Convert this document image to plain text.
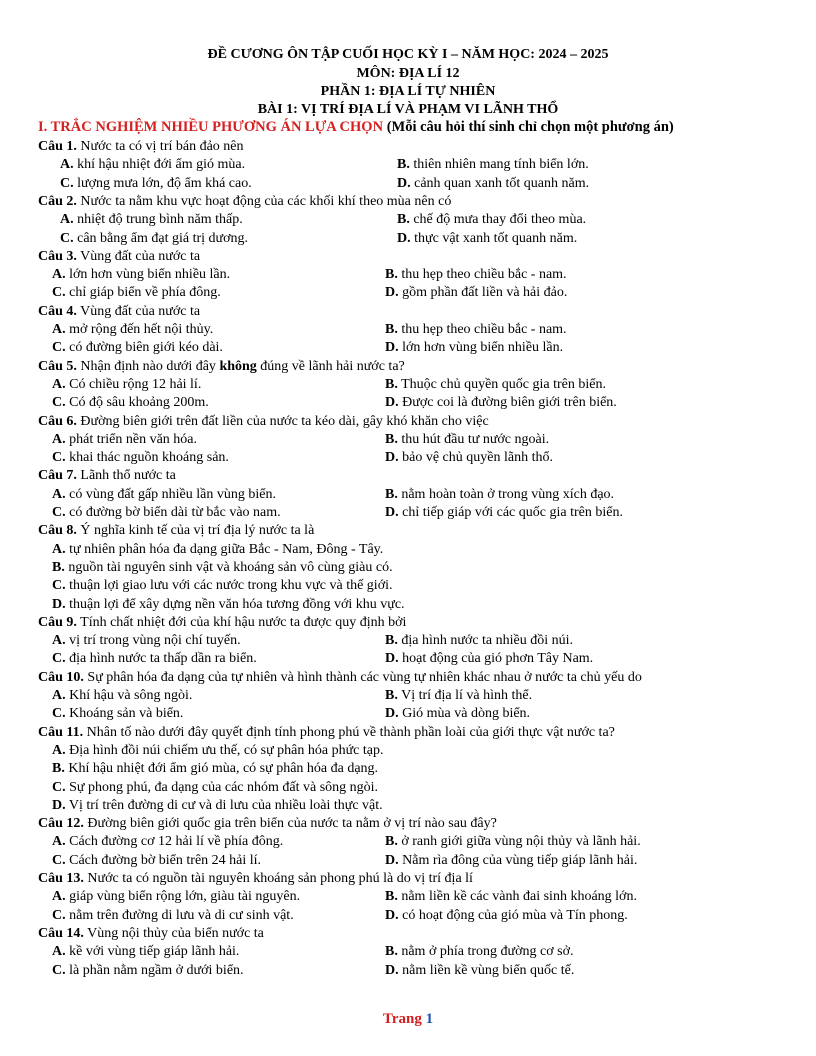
ĐỀ CƯƠNG ÔN TẬP CUỐI HỌC KỲ I – NĂM HỌC: 2024 – 2025
MÔN: ĐỊA LÍ 12
PHẦN 1: ĐỊA LÍ TỰ NHIÊN
BÀI 1: VỊ TRÍ ĐỊA LÍ VÀ PHẠM VI LÃNH THỔ
I. TRẮC NGHIỆM NHIỀU PHƯƠNG ÁN LỰA CHỌN (Mỗi câu hỏi thí sinh chỉ chọn một phương án)
Câu 1. Nước ta có vị trí bán đảo nên
A. khí hậu nhiệt đới ẩm gió mùa.	B. thiên nhiên mang tính biển lớn.
C. lượng mưa lớn, độ ẩm khá cao.	D. cảnh quan xanh tốt quanh năm.
Câu 2. Nước ta nằm khu vực hoạt động của các khối khí theo mùa nên có
A. nhiệt độ trung bình năm thấp.	B. chế độ mưa thay đổi theo mùa.
C. cân bằng ẩm đạt giá trị dương.	D. thực vật xanh tốt quanh năm.
Câu 3. Vùng đất của nước ta
A. lớn hơn vùng biển nhiều lần.	B. thu hẹp theo chiều bắc - nam.
C. chỉ giáp biển về phía đông.	D. gồm phần đất liền và hải đảo.
Câu 4. Vùng đất của nước ta
A. mở rộng đến hết nội thủy.	B. thu hẹp theo chiều bắc - nam.
C. có đường biên giới kéo dài.	D. lớn hơn vùng biển nhiều lần.
Câu 5. Nhận định nào dưới đây không đúng về lãnh hải nước ta?
A. Có chiều rộng 12 hải lí.	B. Thuộc chủ quyền quốc gia trên biển.
C. Có độ sâu khoảng 200m.	D. Được coi là đường biên giới trên biển.
Câu 6. Đường biên giới trên đất liền của nước ta kéo dài, gây khó khăn cho việc
A. phát triển nền văn hóa.	B. thu hút đầu tư nước ngoài.
C. khai thác nguồn khoáng sản.	D. bảo vệ chủ quyền lãnh thổ.
Câu 7. Lãnh thổ nước ta
A. có vùng đất gấp nhiều lần vùng biển.	B. nằm hoàn toàn ở trong vùng xích đạo.
C. có đường bờ biển dài từ bắc vào nam.	D. chỉ tiếp giáp với các quốc gia trên biển.
Câu 8. Ý nghĩa kinh tế của vị trí địa lý nước ta là
A. tự nhiên phân hóa đa dạng giữa Bắc - Nam, Đông - Tây.
B. nguồn tài nguyên sinh vật và khoáng sản vô cùng giàu có.
C. thuận lợi giao lưu với các nước trong khu vực và thế giới.
D. thuận lợi để xây dựng nền văn hóa tương đồng với khu vực.
Câu 9. Tính chất nhiệt đới của khí hậu nước ta được quy định bởi
A. vị trí trong vùng nội chí tuyến.	B. địa hình nước ta nhiều đồi núi.
C. địa hình nước ta thấp dần ra biển.	D. hoạt động của gió phơn Tây Nam.
Câu 10. Sự phân hóa đa dạng của tự nhiên và hình thành các vùng tự nhiên khác nhau ở nước ta chủ yếu do
A. Khí hậu và sông ngòi.	B. Vị trí địa lí và hình thể.
C. Khoáng sản và biển.	D. Gió mùa và dòng biển.
Câu 11. Nhân tố nào dưới đây quyết định tính phong phú về thành phần loài của giới thực vật nước ta?
A. Địa hình đồi núi chiếm ưu thế, có sự phân hóa phức tạp.
B. Khí hậu nhiệt đới ẩm gió mùa, có sự phân hóa đa dạng.
C. Sự phong phú, đa dạng của các nhóm đất và sông ngòi.
D. Vị trí trên đường di cư và di lưu của nhiều loài thực vật.
Câu 12. Đường biên giới quốc gia trên biển của nước ta nằm ở vị trí nào sau đây?
A. Cách đường cơ 12 hải lí về phía đông.	B. ở ranh giới giữa vùng nội thủy và lãnh hải.
C. Cách đường bờ biển trên 24 hải lí.	D. Nằm rìa đông của vùng tiếp giáp lãnh hải.
Câu 13. Nước ta có nguồn tài nguyên khoáng sản phong phú là do vị trí địa lí
A. giáp vùng biển rộng lớn, giàu tài nguyên.	B. nằm liền kề các vành đai sinh khoáng lớn.
C. nằm trên đường di lưu và di cư sinh vật.	D. có hoạt động của gió mùa và Tín phong.
Câu 14. Vùng nội thủy của biển nước ta
A. kề với vùng tiếp giáp lãnh hải.	B. nằm ở phía trong đường cơ sở.
C. là phần nằm ngầm ở dưới biển.	D. nằm liền kề vùng biển quốc tế.
Trang 1
